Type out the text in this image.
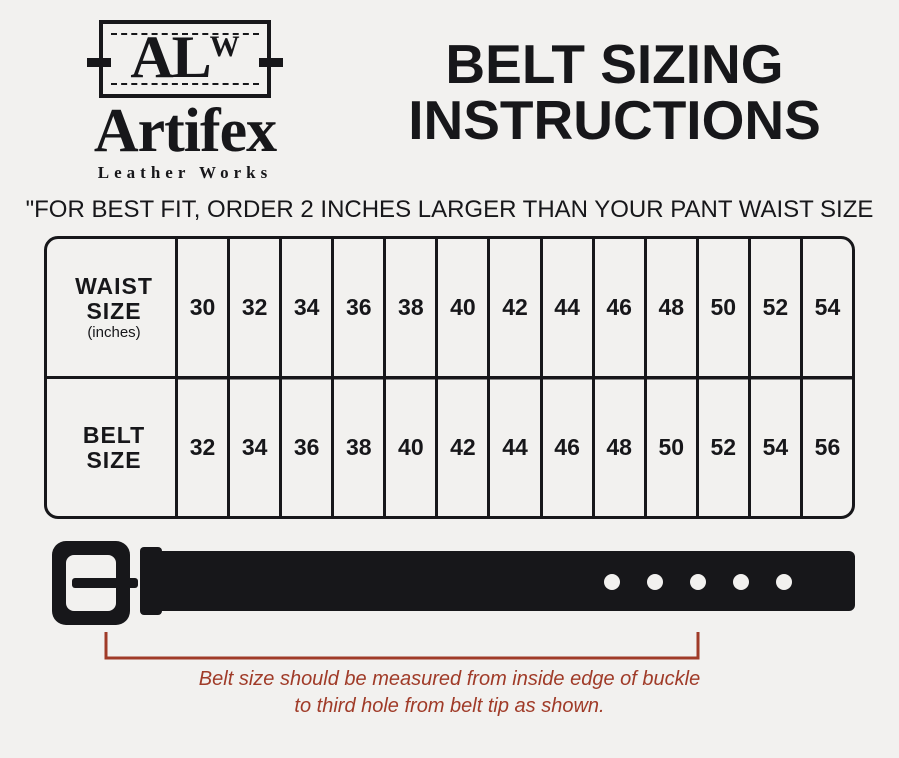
$AL^W$
Artifex
Leather Works
BELT SIZING
INSTRUCTIONS
"FOR BEST FIT, ORDER 2 INCHES LARGER THAN YOUR PANT WAIST SIZE
WAIST
SIZE
(inches)
30	32	34	36	38	40	42	44	46	48	50	52	54
BELT
SIZE	32	34	36	38	40	42	44	46	48	50	52	54	56
Belt size should be measured from inside edge of buckle
to third hole from belt tip as shown.
